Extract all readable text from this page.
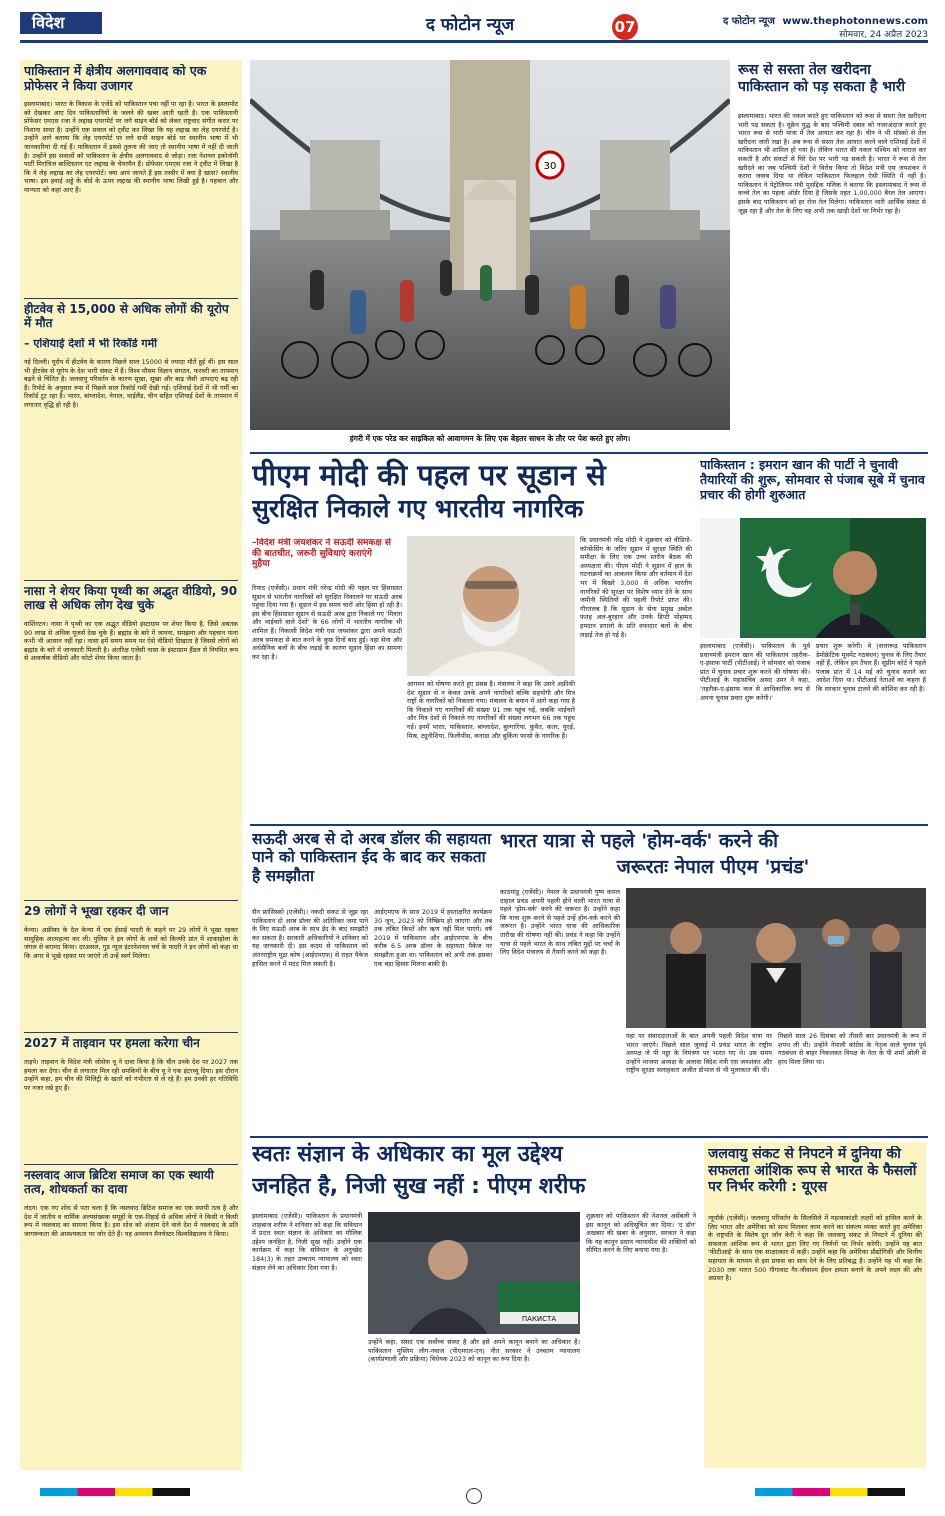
विदेश	द फोटोन न्यूज	07	द फोटोन न्यूज www.thephotonnews.com
सोमवार, 24 अप्रैल 2023
पाकिस्तान में क्षेत्रीय अलगाववाद को एक प्रोफेसर ने किया उजागर
इस्लामाबाद। भारत के विकास के एजेंडे को पाकिस्तान पचा नहीं पा रहा है। भारत के इस्लामोट को देखकर आए दिन पाकिस्तानियों के जलने की खबर आती रहती है। एक पाकिस्तानी प्रोफेसर एमएस रजा ने लद्दाख एयरपोर्ट पर लगे साइन बोर्ड को लेकर राष्ट्रवाद संगीत करार पर निशाना साधा है। उन्होंने एक सवाल को ट्वीट कर लिखा कि यह लद्दाख का लेह एयरपोर्ट है। उन्होंने आगे बताया कि लेह एयरपोर्ट पर लगे सभी साइन बोर्ड पर स्थानीय भाषा में भी जानकारियां दी गई हैं। पाकिस्तान में इससे तुलना की जाए तो स्थानीय भाषा में नहीं दी जाती है। उन्होंने इस सवालों को पाकिस्तान के क्षेत्रीय अलगाववाद से जोड़ा। रजा नेशनल इकोनॉमी पार्टी मिरांत्रिज बाल्टिस्तान एट लद्दाख के चेयरमैन हैं। प्रोफेसर एमएस रजा ने ट्वीट में लिखा है कि ये लेह लद्दाख का लेह एयरपोर्ट। क्या आप जानते हैं इस तस्वीर में क्या है खास? स्थानीय भाषा। इस हवाई अड्डे के बोर्ड के ऊपर लद्दाख की स्थानीय भाषा लिखी हुई है। पहचान और मान्यता को कहां आए हैं।
हीटवेव से 15,000 से अधिक लोगों की यूरोप में मौत
– एशियाई देशों में भी रिकॉर्ड गर्मी
नई दिल्ली। यूरोप में हीटवेव के कारण पिछले साल 15000 से ज्यादा मौतें हुई थीं। इस साल भी हीटवेव से यूरोप के देश भारी संकट में हैं। विश्व मौसम विज्ञान संगठन, फरवरी का तापमान बढ़ने से चिंतित है। जलवायु परिवर्तन के कारण सूखा, सूखा और बाढ़ जैसी आपदाएं बढ़ रही हैं। रिपोर्ट के अनुसार रूस में पिछले साल रिकॉर्ड गर्मी देखी गई। एशियाई देशों में भी गर्मी का रिकॉर्ड टूट रहा है। भारत, बांग्लादेश, नेपाल, थाईलैंड, चीन सहित एशियाई देशों के तापमान में लगातार वृद्धि हो रही है।
नासा ने शेयर किया पृथ्वी का अद्भुत वीडियो, 90 लाख से अधिक लोग देख चुके
वाशिंगटन। नासा ने पृथ्वी का एक अद्भुत वीडियो इंस्टाग्राम पर शेयर किया है, जिसे अबतक 90 लाख से अधिक यूजर्स देख चुके हैं। ब्रह्मांड के बारे में जानना, समझना और पहचान पाना कभी भी आसान नहीं रहा। नासा हमें समय समय पर ऐसे वीडियो दिखाता है जिससे लोगों को ब्रह्मांड के बारे में जानकारी मिलती है। अंतरिक्ष एजेंसी नासा के इंस्टाग्राम हैंडल से नियमित रूप से आकर्षक वीडियो और फोटो शेयर किया जाता है।
29 लोगों ने भूखा रहकर दी जान
केन्या। अफ्रीका के देश केन्या में एक ईसाई पादरी के कहने पर 29 लोगों ने भूखा रहकर सामूहिक आत्महत्या कर ली। पुलिस ने इन लोगों के शवों को किल्फी प्रांत में शाकाहोला के जंगल से बरामद किया। दरअसल, गुड न्यूज इंटरनेशनल चर्च के पादरी ने इन लोगों को कहा था कि अगर वे भूखे रहकर मर जाएंगे तो उन्हें स्वर्ग मिलेगा।
2027 में ताइवान पर हमला करेगा चीन
ताइपे। ताइवान के विदेश मंत्री जोसेफ वू ने दावा किया है कि चीन उनके देश पर 2027 तक हमला कर देगा। चीन से लगातार मिल रही धमकियों के बीच वू ने एक इंटरव्यू दिया। इस दौरान उन्होंने कहा, हम चीन की मिलिट्री के खतरे को गंभीरता से ले रहे हैं। हम उनकी हर गतिविधि पर नजर रखे हुए हैं।
नस्लवाद आज ब्रिटिश समाज का एक स्थायी तत्व, शोधकर्ता का दावा
लंदन। एक नए शोध से पता चला है कि नस्लवाद ब्रिटिश समाज का एक स्थायी तत्व है और देश में जातीय व धार्मिक अल्पसंख्यक समूहों के एक-तिहाई से अधिक लोगों ने किसी न किसी रूप में नस्लवाद का सामना किया है। इस शोध को अंजाम देने वाले देश में नस्लवाद के प्रति जागरूकता की आवश्यकता पर जोर देते हैं। यह अध्ययन मैनचेस्टर विश्वविद्यालय ने किया।
30
हंगरी में एक परेड कर साइकिल को आवागमन के लिए एक बेहतर साधन के तौर पर पेश करते हुए लोग।
रूस से सस्ता तेल खरीदना पाकिस्तान को पड़ सकता है भारी
इस्लामाबाद। भारत की नकल करते हुए पाकिस्तान को रूस से सस्ता तेल खरीदना भारी पड़ सकता है। यूक्रेन युद्ध के बाद पश्चिमी दबाव को नजरअंदाज करते हुए भारत रूस से भारी मात्रा में तेल आयात कर रहा है। चीन ने भी मॉस्को से तेल खरीदना जारी रखा है। अब रूस से सस्ता तेल आयात करने वाले एशियाई देशों में पाकिस्तान भी शामिल हो गया है। लेकिन भारत की नकल पश्चिम को नाराज कर सकती है और संकटों से घिरे देश पर भारी पड़ सकती है। भारत ने रूस से तेल खरीदने का जब पश्चिमी देशों ने विरोध किया तो विदेश मंत्री एस जयशंकर ने करारा जवाब दिया था लेकिन पाकिस्तान फिलहाल ऐसी स्थिति में नहीं है। पाकिस्तान ने पेट्रोलियम मंत्री मुसद्दिक मलिक ने बताया कि इस्लामाबाद ने रूस से कच्चे तेल का पहला ऑर्डर दिया है जिसके तहत 1,00,000 बैरल तेल आएगा। इसके बाद पाकिस्तान को हर रोज तेल मिलेगा। पाकिस्तान भारी आर्थिक संकट से जूझ रहा है और तेल के लिए वह अभी तक खाड़ी देशों पर निर्भर रहा है।
पीएम मोदी की पहल पर सूडान से
सुरक्षित निकाले गए भारतीय नागरिक
–विदेश मंत्री जयशंकर ने सऊदी समकक्ष से की बातचीत, जरूरी सुविधाएं कराएंगे मुहैया
रियाद (एजेंसी)। प्रधान मंत्री नरेन्द्र मोदी की पहल पर हिंसाग्रस्त सूडान से भारतीय नागरिकों को सुरक्षित निकालने पर सऊदी अरब पहुंचा दिया गया है। सूडान में इस समय चारों ओर हिंसा हो रही है। इस बीच हिंसाग्रस्त सूडान से सऊदी अरब द्वारा निकाले गए 'मित्रता और भाईचारे वाले देशों' के 66 लोगों में भारतीय नागरिक भी शामिल हैं। निकासी विदेश मंत्री एस जयशंकर द्वारा अपने सऊदी अरब समकक्ष से बात करने के कुछ दिनों बाद हुई। वहां सेना और अर्धसैनिक बलों के बीच लड़ाई के कारण सूडान हिंसा का सामना कर रहा है।
आगमन को घोषणा करते हुए प्रसन्न है। मंत्रालय ने कहा कि उसने अफ्रीकी देश सूडान से न केवल उनके अपने नागरिकों बल्कि सहयोगी और मित्र राष्ट्रों के नागरिकों को निकाला गया। मंत्रालय के बयान में आगे कहा गया है कि निकाले गए नागरिकों की संख्या 91 तक पहुंच गई, जबकि भाईचारे और मित्र देशों से निकाले गए नागरिकों की संख्या लगभग 66 तक पहुंच गई। इनमें भारत, पाकिस्तान, बांग्लादेश, बुल्गारिया, कुवैत, कतर, यूएई, मिस्र, ट्यूनीशिया, फिलीपींस, कनाडा और बुर्किना फासो के नागरिक हैं।
कि प्रधानमंत्री नरेंद्र मोदी ने शुक्रवार को वीडियो-कॉन्फ्रेंसिंग के जरिए सूडान में सुरक्षा स्थिति की समीक्षा के लिए एक उच्च स्तरीय बैठक की अध्यक्षता की। पीएम मोदी ने सूडान में हाल के घटनाक्रमों का आकलन किया और वर्तमान में देश भर में बिखरे 3,000 से अधिक भारतीय नागरिकों की सुरक्षा पर विशेष ध्यान देने के साथ जमीनी स्थितियों की पहली रिपोर्ट प्राप्त की। गौरतलब है कि सूडान के सेना प्रमुख अब्देल फतह अल-बुरहान और उनके डिप्टी मोहम्मद हमदान डगालो के प्रति वफादार बलों के बीच लड़ाई तेज हो गई है।
पाकिस्तान : इमरान खान की पार्टी ने चुनावी तैयारियों की शुरू, सोमवार से पंजाब सूबे में चुनाव प्रचार की होगी शुरुआत
इस्लामाबाद (एजेंसी)। पाकिस्तान के पूर्व प्रधानमंत्री इमरान खान की पाकिस्तान तहरीक-ए-इंसाफ पार्टी (पीटीआई) ने सोमवार को पंजाब प्रांत में चुनाव प्रचार शुरू करने की घोषणा की। पीटीआई के महासचिव असद उमर ने कहा, 'तहरीक-ए-इंसाफ कल से आधिकारिक रूप से अपना चुनाव प्रचार शुरू करेगी।'
प्रचार शुरू करेगी। वे (सत्तारूढ़ पाकिस्तान डेमोक्रेटिक मूवमेंट गठबंधन) चुनाव के लिए तैयार नहीं हैं, लेकिन हम तैयार हैं। सुप्रीम कोर्ट ने पहले पंजाब प्रांत में 14 मई को चुनाव कराने का आदेश दिया था। पीटीआई नेताओं का कहना है कि सरकार चुनाव टालने की कोशिश कर रही है।
सऊदी अरब से दो अरब डॉलर की सहायता पाने को पाकिस्तान ईद के बाद कर सकता है समझौता
सैन फ्रांसिस्को (एजेंसी)। नकदी संकट से जूझ रहा पाकिस्तान दो अरब डॉलर की अतिरिक्त जमा पाने के लिए सऊदी अरब के साथ ईद के बाद समझौते कर सकता है। सरकारी अधिकारियों ने शनिवार को यह जानकारी दी। इस कदम से पाकिस्तान को अंतरराष्ट्रीय मुद्रा कोष (आईएमएफ) से राहत पैकेज हासिल करने में मदद मिल सकती है।
आईएमएफ के साथ 2019 में हस्ताक्षरित कार्यक्रम 30 जून, 2023 को निष्क्रिय हो जाएगा और तब तक लंबित किस्तें और ऋण नहीं मिल पाएंगे। वर्ष 2019 में पाकिस्तान और आईएमएफ के बीच करीब 6.5 अरब डॉलर के सहायता पैकेज पर समझौता हुआ था। पाकिस्तान को अभी तक इसका एक बड़ा हिस्सा मिलना बाकी है।
भारत यात्रा से पहले 'होम-वर्क' करने की
जरूरतः नेपाल पीएम 'प्रचंड'
काठमांडू (एजेंसी)। नेपाल के प्रधानमंत्री पुष्प कमल दाहाल प्रचंड अपनी पहली होने वाली भारत यात्रा से पहले 'होम-वर्क' करने की जरूरत है। उन्होंने कहा कि यात्रा शुरू करने से पहले उन्हें होम-वर्क करने की जरूरत है। उन्होंने भारत यात्रा की आधिकारिक तारीख की घोषणा नहीं की। प्रचंड ने कहा कि उन्होंने यात्रा से पहले भारत के साथ लंबित मुद्दों पर चर्चा के लिए विदेश मंत्रालय से तैयारी करने को कहा है।
यहां पर संवाददाताओं के बात अपनी पहली विदेश यात्रा पर भारत जाएंगे। पिछले साल जुलाई में प्रचंड भारत के राष्ट्रीय अध्यक्ष जे पी नड्डा के निमंत्रण पर भारत गए थे। उस समय उन्होंने भाजपा अध्यक्ष के अलावा विदेश मंत्री एस जयशंकर और राष्ट्रीय सुरक्षा सलाहकार अजीत डोभाल से भी मुलाकात की थी।
पिछले साल 26 दिसंबर को तीसरी बार प्रधानमंत्री के रूप में शपथ ली थी। उन्होंने नेपाली कांग्रेस के नेतृत्व वाले चुनाव पूर्व गठबंधन से बाहर निकलकर विपक्ष के नेता के पी शर्मा ओली से हाथ मिला लिया था।
स्वतः संज्ञान के अधिकार का मूल उद्देश्य
जनहित है, निजी सुख नहीं : पीएम शरीफ
इस्लामाबाद (एजेंसी)। पाकिस्तान के प्रधानमंत्री शाहबाज शरीफ ने शनिवार को कहा कि संविधान में प्रदत्त स्वतः संज्ञान के अधिकार का मौलिक उद्देश्य जनहित है, निजी सुख नहीं। उन्होंने एक कार्यक्रम में कहा कि संविधान के अनुच्छेद 184(3) के तहत उच्चतम न्यायालय को स्वतः संज्ञान लेने का अधिकार दिया गया है।
ПАКИСТА
उन्होंने कहा, संसद एक सर्वोच्च संस्था है और इसे अपने कानून बनाने का अधिकार है। पाकिस्तान मुस्लिम लीग-नवाज (पीएमएल-एन) नीत सरकार ने उच्चतम न्यायालय (कार्यप्रणाली और प्रक्रिया) विधेयक 2023 को कानून का रूप दिया है।
शुक्रवार को पाकिस्तान की नेशनल असेंबली ने इस कानून को अधिसूचित कर दिया। 'द डॉन' अखबार की खबर के अनुसार, सरकार ने कहा कि यह कानून प्रधान न्यायाधीश की शक्तियों को सीमित करने के लिए बनाया गया है।
जलवायु संकट से निपटने में दुनिया की सफलता आंशिक रूप से भारत के फैसलों पर निर्भर करेगी : यूएस
न्यूयॉर्क (एजेंसी)। जलवायु परिवर्तन के सिलसिले में महत्वाकांक्षी लक्ष्यों को हासिल करने के लिए भारत और अमेरिका को साथ मिलकर काम करने का संकल्प व्यक्त करते हुए अमेरिका के राष्ट्रपति के विशेष दूत जॉन केरी ने कहा कि जलवायु संकट से निपटने में दुनिया की सफलता आंशिक रूप से भारत द्वारा लिए गए निर्णयों पर निर्भर करेगी। उन्होंने यह बात 'फीटीआई' के साथ एक साक्षात्कार में कही। उन्होंने कहा कि अमेरिका प्रौद्योगिकी और वित्तीय सहायता के माध्यम से इस प्रयास का साथ देने के लिए प्रतिबद्ध है। उन्होंने यह भी कहा कि 2030 तक भारत 500 गीगावाट गैर-जीवाश्म ईंधन क्षमता बनाने के अपने लक्ष्य की ओर अग्रसर है।
